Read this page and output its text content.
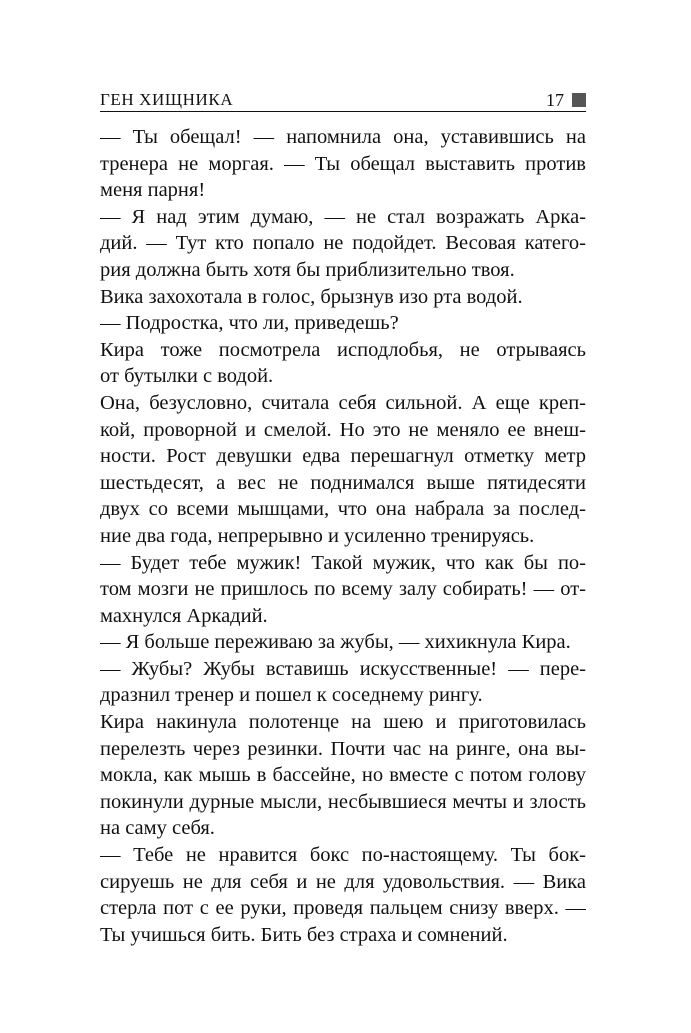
ГЕН ХИЩНИКА	17
— Ты обещал! — напомнила она, уставившись на
тренера не моргая. — Ты обещал выставить против
меня парня!
— Я над этим думаю, — не стал возражать Арка-
дий. — Тут кто попало не подойдет. Весовая катего-
рия должна быть хотя бы приблизительно твоя.
Вика захохотала в голос, брызнув изо рта водой.
— Подростка, что ли, приведешь?
Кира тоже посмотрела исподлобья, не отрываясь
от бутылки с водой.
Она, безусловно, считала себя сильной. А еще креп-
кой, проворной и смелой. Но это не меняло ее внеш-
ности. Рост девушки едва перешагнул отметку метр
шестьдесят, а вес не поднимался выше пятидесяти
двух со всеми мышцами, что она набрала за послед-
ние два года, непрерывно и усиленно тренируясь.
— Будет тебе мужик! Такой мужик, что как бы по-
том мозги не пришлось по всему залу собирать! — от-
махнулся Аркадий.
— Я больше переживаю за жубы, — хихикнула Кира.
— Жубы? Жубы вставишь искусственные! — пере-
дразнил тренер и пошел к соседнему рингу.
Кира накинула полотенце на шею и приготовилась
перелезть через резинки. Почти час на ринге, она вы-
мокла, как мышь в бассейне, но вместе с потом голову
покинули дурные мысли, несбывшиеся мечты и злость
на саму себя.
— Тебе не нравится бокс по-настоящему. Ты бок-
сируешь не для себя и не для удовольствия. — Вика
стерла пот с ее руки, проведя пальцем снизу вверх. —
Ты учишься бить. Бить без страха и сомнений.
